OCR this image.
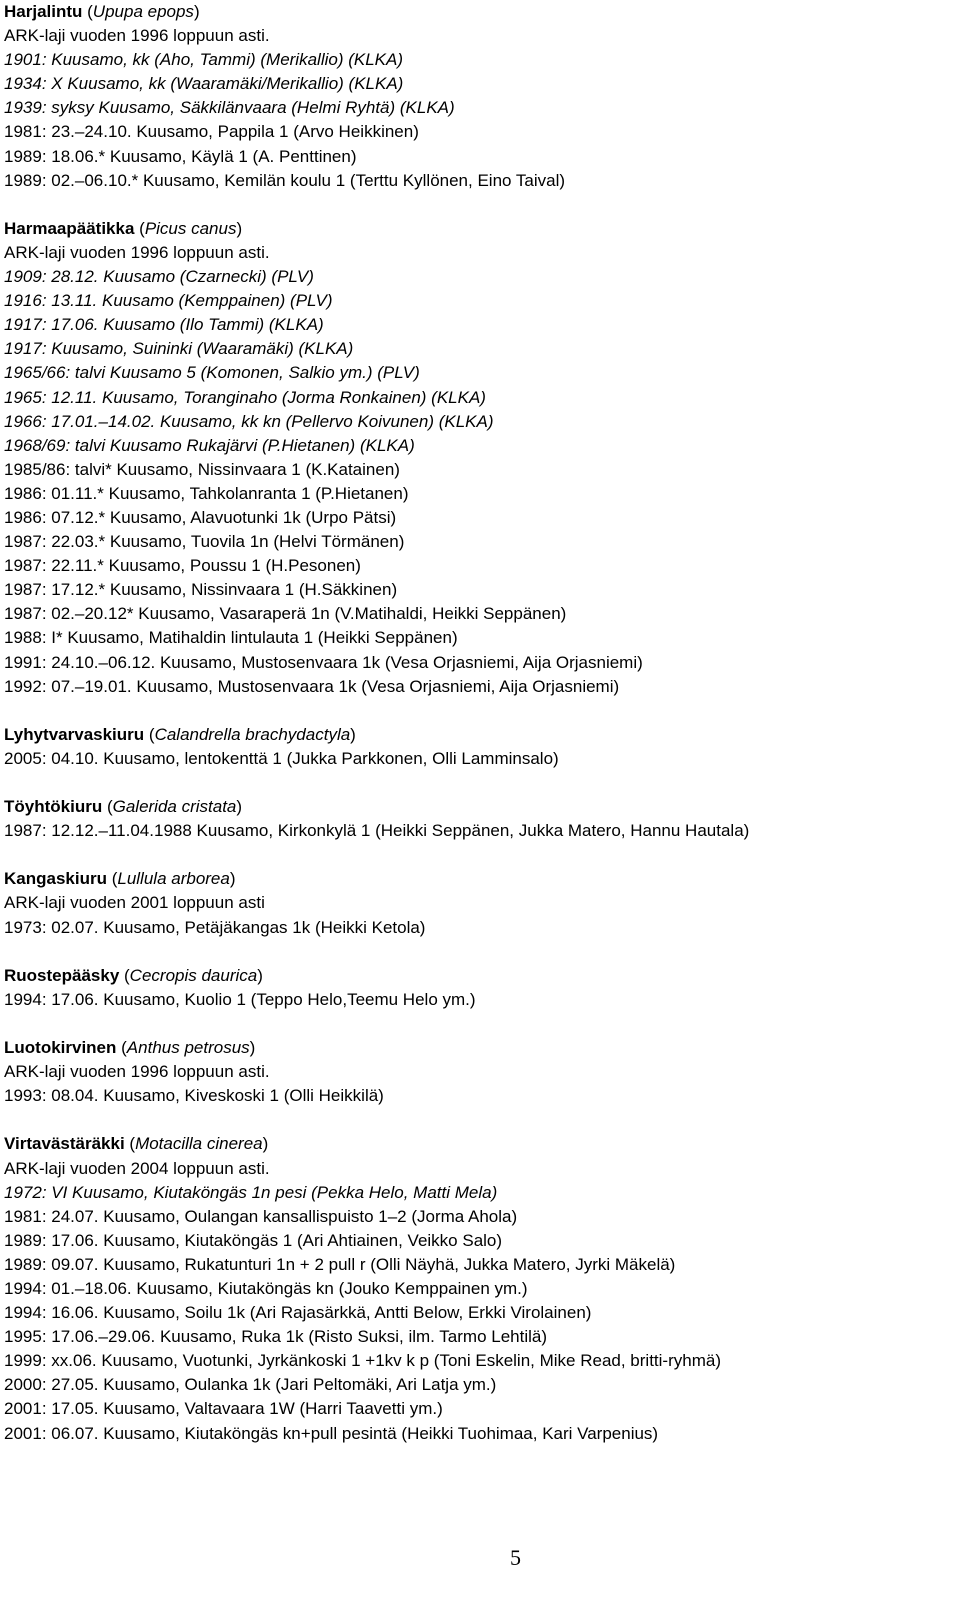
Harjalintu (Upupa epops)
ARK-laji vuoden 1996 loppuun asti.
1901: Kuusamo, kk (Aho, Tammi) (Merikallio) (KLKA)
1934: X Kuusamo, kk (Waaramäki/Merikallio) (KLKA)
1939: syksy Kuusamo, Säkkilänvaara (Helmi Ryhtä) (KLKA)
1981: 23.–24.10. Kuusamo, Pappila 1 (Arvo Heikkinen)
1989: 18.06.* Kuusamo, Käylä 1 (A. Penttinen)
1989: 02.–06.10.* Kuusamo, Kemilän koulu 1 (Terttu Kyllönen, Eino Taival)
Harmaapäätikka (Picus canus)
ARK-laji vuoden 1996 loppuun asti.
1909: 28.12. Kuusamo (Czarnecki) (PLV)
1916: 13.11. Kuusamo (Kemppainen) (PLV)
1917: 17.06. Kuusamo (Ilo Tammi) (KLKA)
1917: Kuusamo, Suininki (Waaramäki) (KLKA)
1965/66: talvi Kuusamo 5 (Komonen, Salkio ym.) (PLV)
1965: 12.11. Kuusamo, Toranginaho (Jorma Ronkainen) (KLKA)
1966: 17.01.–14.02. Kuusamo, kk kn (Pellervo Koivunen) (KLKA)
1968/69: talvi Kuusamo Rukajärvi (P.Hietanen) (KLKA)
1985/86: talvi* Kuusamo, Nissinvaara 1 (K.Katainen)
1986: 01.11.* Kuusamo, Tahkolanranta 1 (P.Hietanen)
1986: 07.12.* Kuusamo, Alavuotunki 1k (Urpo Pätsi)
1987: 22.03.* Kuusamo, Tuovila 1n (Helvi Törmänen)
1987: 22.11.* Kuusamo, Poussu 1 (H.Pesonen)
1987: 17.12.* Kuusamo, Nissinvaara 1 (H.Säkkinen)
1987: 02.–20.12* Kuusamo, Vasaraperä 1n (V.Matihaldi, Heikki Seppänen)
1988: I* Kuusamo, Matihaldin lintulauta 1 (Heikki Seppänen)
1991: 24.10.–06.12. Kuusamo, Mustosenvaara 1k (Vesa Orjasniemi, Aija Orjasniemi)
1992: 07.–19.01. Kuusamo, Mustosenvaara 1k (Vesa Orjasniemi, Aija Orjasniemi)
Lyhytvarvaskiuru (Calandrella brachydactyla)
2005: 04.10. Kuusamo, lentokenttä 1 (Jukka Parkkonen, Olli Lamminsalo)
Töyhtökiuru (Galerida cristata)
1987: 12.12.–11.04.1988 Kuusamo, Kirkonkylä 1 (Heikki Seppänen, Jukka Matero, Hannu Hautala)
Kangaskiuru (Lullula arborea)
ARK-laji vuoden 2001 loppuun asti
1973: 02.07. Kuusamo, Petäjäkangas 1k (Heikki Ketola)
Ruostepääsky (Cecropis daurica)
1994: 17.06. Kuusamo, Kuolio 1 (Teppo Helo,Teemu Helo ym.)
Luotokirvinen (Anthus petrosus)
ARK-laji vuoden 1996 loppuun asti.
1993: 08.04. Kuusamo, Kiveskoski 1 (Olli Heikkilä)
Virtavästäräkki (Motacilla cinerea)
ARK-laji vuoden 2004 loppuun asti.
1972: VI Kuusamo, Kiutaköngäs 1n pesi (Pekka Helo, Matti Mela)
1981: 24.07. Kuusamo, Oulangan kansallispuisto 1–2 (Jorma Ahola)
1989: 17.06. Kuusamo, Kiutaköngäs 1 (Ari Ahtiainen, Veikko Salo)
1989: 09.07. Kuusamo, Rukatunturi 1n + 2 pull r (Olli Näyhä, Jukka Matero, Jyrki Mäkelä)
1994: 01.–18.06. Kuusamo, Kiutaköngäs kn (Jouko Kemppainen ym.)
1994: 16.06. Kuusamo, Soilu 1k (Ari Rajasärkkä, Antti Below, Erkki Virolainen)
1995: 17.06.–29.06. Kuusamo, Ruka 1k (Risto Suksi, ilm. Tarmo Lehtilä)
1999: xx.06. Kuusamo, Vuotunki, Jyrkänkoski 1 +1kv k p (Toni Eskelin, Mike Read, britti-ryhmä)
2000: 27.05. Kuusamo, Oulanka 1k (Jari Peltomäki, Ari Latja ym.)
2001: 17.05. Kuusamo, Valtavaara 1W (Harri Taavetti ym.)
2001: 06.07. Kuusamo, Kiutaköngäs kn+pull pesintä (Heikki Tuohimaa, Kari Varpenius)
5
